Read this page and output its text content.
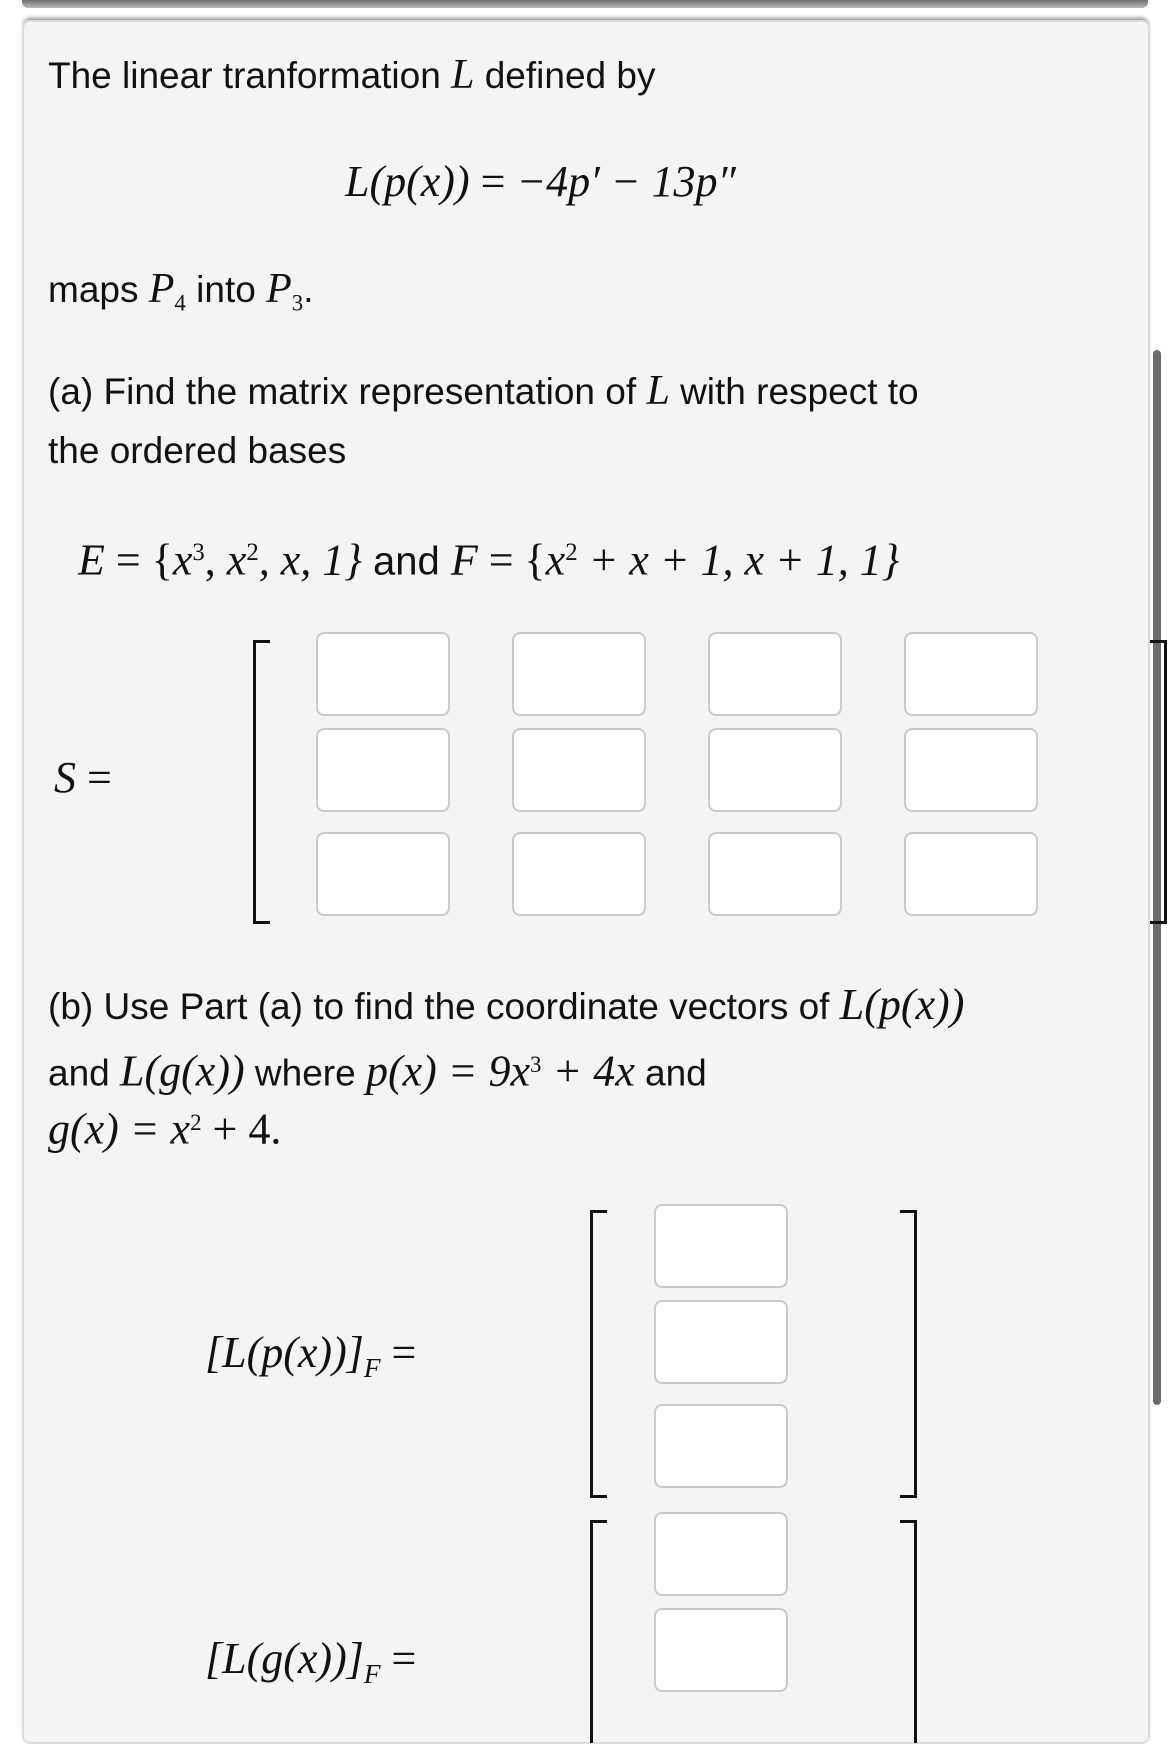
The linear tranformation L defined by
L(p(x)) = −4p′ − 13p″
maps $P_4$ into $P_3$.
(a) Find the matrix representation of L with respect to
the ordered bases
$E = \{x^3$, $x^2$, x, 1} and $F = \{x^2 + x + 1$, x + 1, 1}
S =
(b) Use Part (a) to find the coordinate vectors of L(p(x))
and L(g(x)) where $p(x) = 9x^3 + 4x$ and
$g(x) = x^2 + 4$.
$[L(p(x))]_F$ =
$[L(g(x))]_F$ =
